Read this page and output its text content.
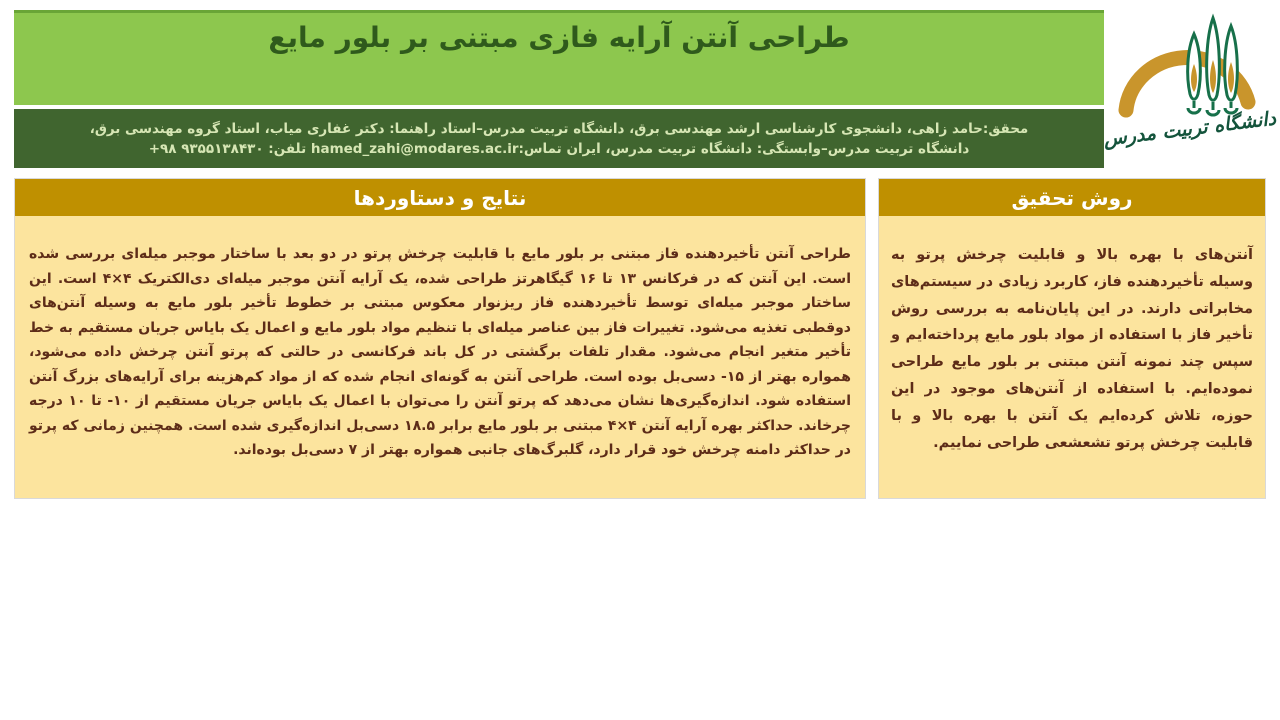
طراحی آنتن آرایه فازی مبتنی بر بلور مایع
محقق:حامد زاهی، دانشجوی کارشناسی ارشد مهندسی برق، دانشگاه تربیت مدرس–استاد راهنما: دکتر غفاری میاب، استاد گروه مهندسی برق،
دانشگاه تربیت مدرس–وابستگی: دانشگاه تربیت مدرس، ایران تماس:hamed_zahi@modares.ac.ir تلفن: ۹۳۵۵۱۳۸۴۳۰ ۹۸+	دانشگاه تربیت مدرس
نتایج و دستاوردها

طراحی آنتن تأخیردهنده فاز مبتنی بر بلور مایع با قابلیت چرخش پرتو در دو بعد با ساختار موجبر میله‌ای بررسی شده است. این آنتن که در فرکانس ۱۳ تا ۱۶ گیگاهرتز طراحی شده، یک آرایه آنتن موجبر میله‌ای دی‌الکتریک ۴×۴ است. این ساختار موجبر میله‌ای توسط تأخیردهنده فاز ریزنوار معکوس مبتنی بر خطوط تأخیر بلور مایع به وسیله آنتن‌های دوقطبی تغذیه می‌شود. تغییرات فاز بین عناصر میله‌ای با تنظیم مواد بلور مایع و اعمال یک بایاس جریان مستقیم به خط تأخیر متغیر انجام می‌شود. مقدار تلفات برگشتی در کل باند فرکانسی در حالتی که پرتو آنتن چرخش داده می‌شود، همواره بهتر از ۱۵- دسی‌بل بوده است. طراحی آنتن به گونه‌ای انجام شده که از مواد کم‌هزینه برای آرایه‌های بزرگ آنتن استفاده شود. اندازه‌گیری‌ها نشان می‌دهد که پرتو آنتن را می‌توان با اعمال یک بایاس جریان مستقیم از ۱۰- تا ۱۰ درجه چرخاند. حداکثر بهره آرایه آنتن ۴×۴ مبتنی بر بلور مایع برابر ۱۸.۵ دسی‌بل اندازه‌گیری شده است. همچنین زمانی که پرتو در حداکثر دامنه چرخش خود قرار دارد، گلبرگ‌های جانبی همواره بهتر از ۷ دسی‌بل بوده‌اند.

روش تحقیق

آنتن‌های با بهره بالا و قابلیت چرخش پرتو به وسیله تأخیردهنده فاز، کاربرد زیادی در سیستم‌های مخابراتی دارند. در این پایان‌نامه به بررسی روش تأخیر فاز با استفاده از مواد بلور مایع پرداخته‌ایم و سپس چند نمونه آنتن مبتنی بر بلور مایع طراحی نموده‌ایم. با استفاده از آنتن‌های موجود در این حوزه، تلاش کرده‌ایم یک آنتن با بهره بالا و با قابلیت چرخش پرتو تشعشعی طراحی نماییم.
